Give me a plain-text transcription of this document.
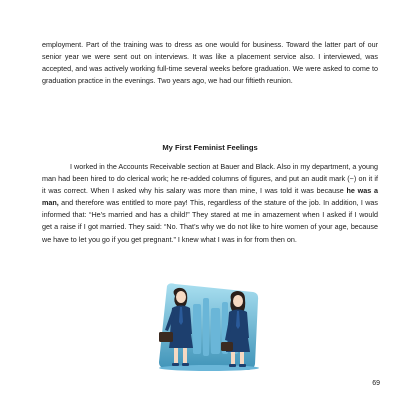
employment. Part of the training was to dress as one would for business. Toward the latter part of our senior year we were sent out on interviews. It was like a placement service also. I interviewed, was accepted, and was actively working full-time several weeks before graduation. We were asked to come to graduation practice in the evenings. Two years ago, we had our fiftieth reunion.

My First Feminist Feelings

I worked in the Accounts Receivable section at Bauer and Black. Also in my department, a young man had been hired to do clerical work; he re-added columns of figures, and put an audit mark (~) on it if it was correct. When I asked why his salary was more than mine, I was told it was because he was a man, and therefore was entitled to more pay! This, regardless of the stature of the job. In addition, I was informed that: “He’s married and has a child!” They stared at me in amazement when I asked if I would get a raise if I got married. They said: “No. That’s why we do not like to hire women of your age, because we have to let you go if you get pregnant.” I knew what I was in for from then on.

69
